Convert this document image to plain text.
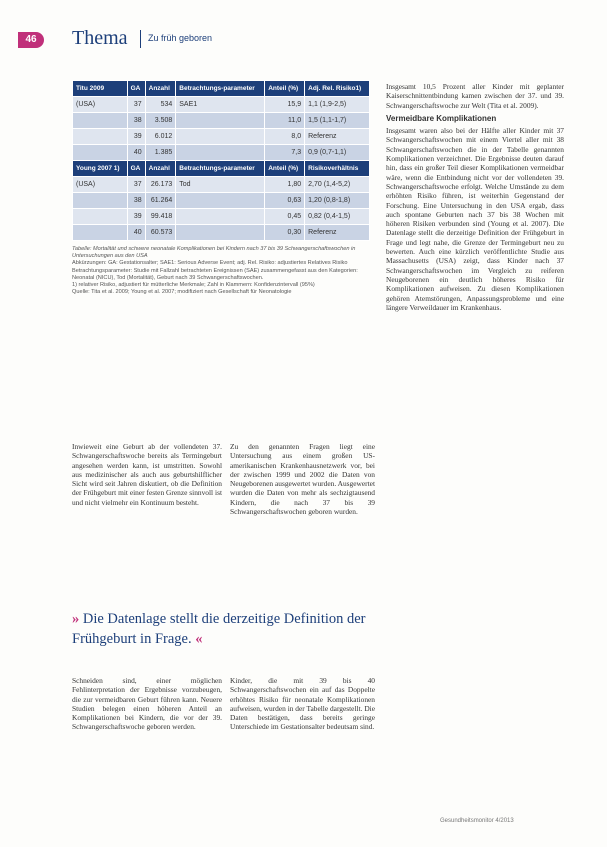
46	Thema Zu früh geboren
Titu 2009	GA	Anzahl	Betrachtungs-parameter	Anteil (%)	Adj. Rel. Risiko1)
(USA)	37	534	SAE1	15,9	1,1 (1,9-2,5)
	38	3.508		11,0	1,5 (1,1-1,7)
	39	6.012		8,0	Referenz
	40	1.385		7,3	0,9 (0,7-1,1)
Young 2007 1)	GA	Anzahl	Betrachtungs-parameter	Anteil (%)	Risikoverhältnis
(USA)	37	26.173	Tod	1,80	2,70 (1,4-5,2)
	38	61.264		0,63	1,20 (0,8-1,8)
	39	99.418		0,45	0,82 (0,4-1,5)
	40	60.573		0,30	Referenz
Tabelle: Mortalität und schwere neonatale Komplikationen bei Kindern nach 37 bis 39 Schwangerschaftswochen in Untersuchungen aus den USA
Abkürzungen: GA: Gestationsalter; SAE1: Serious Adverse Event; adj. Rel. Risiko: adjustiertes Relatives Risiko
Betrachtungsparameter: Studie mit Fallzahl betrachteten Ereignissen (SAE) zusammengefasst aus den Kategorien: Neonatal (NICU), Tod (Mortalität), Geburt nach 39 Schwangerschaftswochen.
1) relativer Risiko, adjustiert für mütterliche Merkmale; Zahl in Klammern: Konfidenzintervall (95%)
Quelle: Tita et al. 2009; Young et al. 2007; modifiziert nach Gesellschaft für Neonatologie
Inwieweit eine Geburt ab der vollendeten 37. Schwangerschaftswoche bereits als Termingeburt angesehen werden kann, ist umstritten. Sowohl aus medizinischer als auch aus geburtshilflicher Sicht wird seit Jahren diskutiert, ob die Definition der Frühgeburt mit einer festen Grenze sinnvoll ist und nicht vielmehr ein Kontinuum besteht.
Zu den genannten Fragen liegt eine Untersuchung aus einem großen US-amerikanischen Krankenhausnetzwerk vor, bei der zwischen 1999 und 2002 die Daten von Neugeborenen ausgewertet wurden. Ausgewertet wurden die Daten von mehr als sechzigtausend Kindern, die nach 37 bis 39 Schwangerschaftswochen geboren wurden.
» Die Datenlage stellt die derzeitige Definition der Frühgeburt in Frage. «
Schneiden sind, einer möglichen Fehlinterpretation der Ergebnisse vorzubeugen, die zur vermeidbaren Geburt führen kann. Neuere Studien belegen einen höheren Anteil an Komplikationen bei Kindern, die vor der 39. Schwangerschaftswoche geboren werden.
Kinder, die mit 39 bis 40 Schwangerschaftswochen ein auf das Doppelte erhöhtes Risiko für neonatale Komplikationen aufweisen, wurden in der Tabelle dargestellt. Die Daten bestätigen, dass bereits geringe Unterschiede im Gestationsalter bedeutsam sind.
Insgesamt 10,5 Prozent aller Kinder mit geplanter Kaiserschnittentbindung kamen zwischen der 37. und 39. Schwangerschaftswoche zur Welt (Tita et al. 2009).
Vermeidbare Komplikationen
Insgesamt waren also bei der Hälfte aller Kinder mit 37 Schwangerschaftswochen mit einem Viertel aller mit 38 Schwangerschaftswochen die in der Tabelle genannten Komplikationen verzeichnet. Die Ergebnisse deuten darauf hin, dass ein großer Teil dieser Komplikationen vermeidbar wäre, wenn die Entbindung nicht vor der vollendeten 39. Schwangerschaftswoche erfolgt. Welche Umstände zu dem erhöhten Risiko führen, ist weiterhin Gegenstand der Forschung. Eine Untersuchung in den USA ergab, dass auch spontane Geburten nach 37 bis 38 Wochen mit höheren Risiken verbunden sind (Young et al. 2007). Die Datenlage stellt die derzeitige Definition der Frühgeburt in Frage und legt nahe, die Grenze der Termingeburt neu zu bewerten. Auch eine kürzlich veröffentlichte Studie aus Massachusetts (USA) zeigt, dass Kinder nach 37 Schwangerschaftswochen im Vergleich zu reiferen Neugeborenen ein deutlich höheres Risiko für Komplikationen aufweisen. Zu diesen Komplikationen gehören Atemstörungen, Anpassungsprobleme und eine längere Verweildauer im Krankenhaus.
Gesundheitsmonitor 4/2013
